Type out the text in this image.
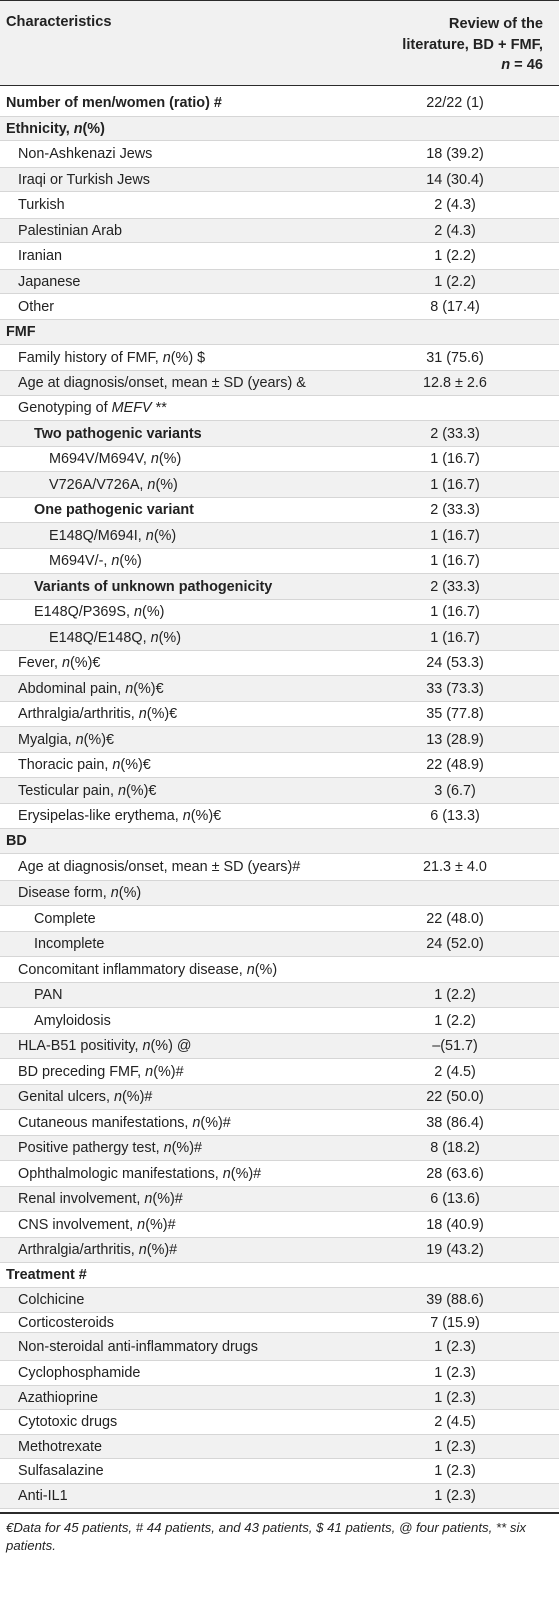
Characteristics	Review of the
literature, BD + FMF,
n = 46
Number of men/women (ratio) #	22/22 (1)
Ethnicity, n(%)
Non-Ashkenazi Jews	18 (39.2)
Iraqi or Turkish Jews	14 (30.4)
Turkish	2 (4.3)
Palestinian Arab	2 (4.3)
Iranian	1 (2.2)
Japanese	1 (2.2)
Other	8 (17.4)
FMF
Family history of FMF, n(%) $	31 (75.6)
Age at diagnosis/onset, mean ± SD (years) &	12.8 ± 2.6
Genotyping of MEFV **
Two pathogenic variants	2 (33.3)
M694V/M694V, n(%)	1 (16.7)
V726A/V726A, n(%)	1 (16.7)
One pathogenic variant	2 (33.3)
E148Q/M694I, n(%)	1 (16.7)
M694V/-, n(%)	1 (16.7)
Variants of unknown pathogenicity	2 (33.3)
E148Q/P369S, n(%)	1 (16.7)
E148Q/E148Q, n(%)	1 (16.7)
Fever, n(%)€	24 (53.3)
Abdominal pain, n(%)€	33 (73.3)
Arthralgia/arthritis, n(%)€	35 (77.8)
Myalgia, n(%)€	13 (28.9)
Thoracic pain, n(%)€	22 (48.9)
Testicular pain, n(%)€	3 (6.7)
Erysipelas-like erythema, n(%)€	6 (13.3)
BD
Age at diagnosis/onset, mean ± SD (years)#	21.3 ± 4.0
Disease form, n(%)
Complete	22 (48.0)
Incomplete	24 (52.0)
Concomitant inflammatory disease, n(%)
PAN	1 (2.2)
Amyloidosis	1 (2.2)
HLA-B51 positivity, n(%) @	–(51.7)
BD preceding FMF, n(%)#	2 (4.5)
Genital ulcers, n(%)#	22 (50.0)
Cutaneous manifestations, n(%)#	38 (86.4)
Positive pathergy test, n(%)#	8 (18.2)
Ophthalmologic manifestations, n(%)#	28 (63.6)
Renal involvement, n(%)#	6 (13.6)
CNS involvement, n(%)#	18 (40.9)
Arthralgia/arthritis, n(%)#	19 (43.2)
Treatment #
Colchicine	39 (88.6)
Corticosteroids	7 (15.9)
Non-steroidal anti-inflammatory drugs	1 (2.3)
Cyclophosphamide	1 (2.3)
Azathioprine	1 (2.3)
Cytotoxic drugs	2 (4.5)
Methotrexate	1 (2.3)
Sulfasalazine	1 (2.3)
Anti-IL1	1 (2.3)
€Data for 45 patients, # 44 patients, and 43 patients, $ 41 patients, @ four patients, ** six patients.
